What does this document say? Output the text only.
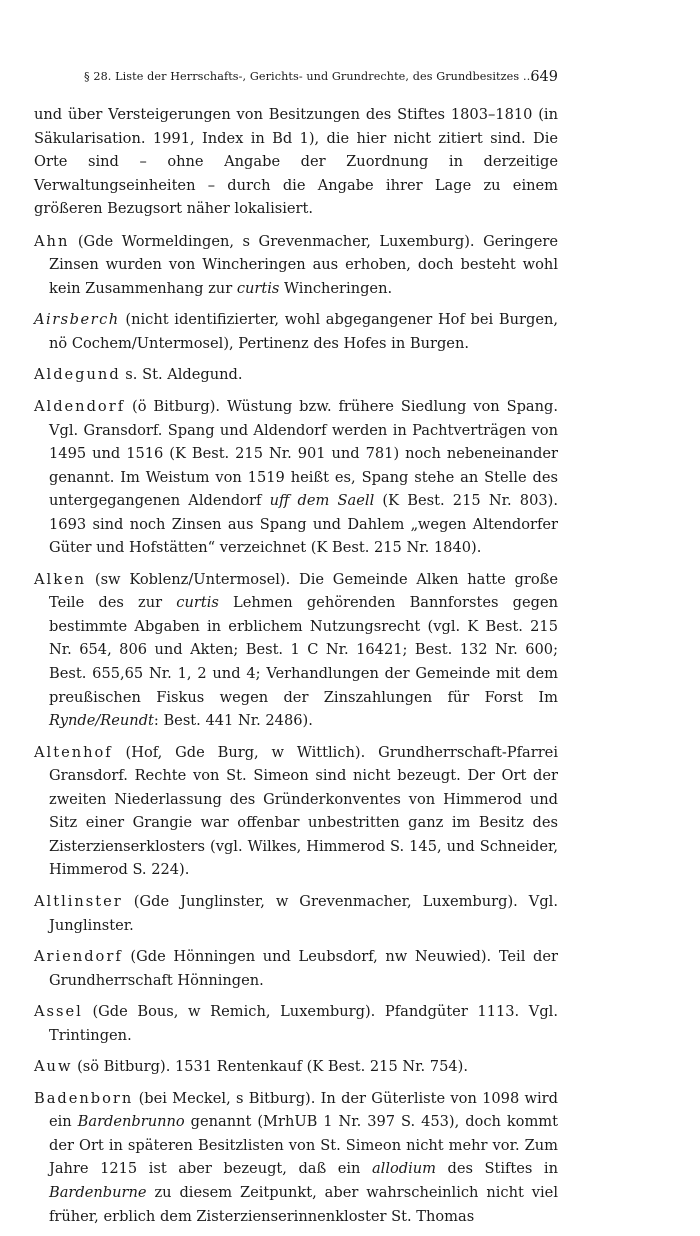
§ 28. Liste der Herrschafts-, Gerichts- und Grundrechte, des Grundbesitzes …
649

und über Versteigerungen von Besitzungen des Stiftes 1803–1810 (in Säkularisation. 1991, Index in Bd 1), die hier nicht zitiert sind. Die Orte sind – ohne Angabe der Zuordnung in derzeitige Verwaltungseinheiten – durch die Angabe ihrer Lage zu einem größeren Bezugsort näher lokalisiert.

Ahn (Gde Wormeldingen, s Grevenmacher, Luxemburg). Geringere Zinsen wurden von Wincheringen aus erhoben, doch besteht wohl kein Zusammenhang zur curtis Wincheringen.

Airsberch (nicht identifizierter, wohl abgegangener Hof bei Burgen, nö Cochem/Untermosel), Pertinenz des Hofes in Burgen.

Aldegund s. St. Aldegund.

Aldendorf (ö Bitburg). Wüstung bzw. frühere Siedlung von Spang. Vgl. Gransdorf. Spang und Aldendorf werden in Pachtverträgen von 1495 und 1516 (K Best. 215 Nr. 901 und 781) noch nebeneinander genannt. Im Weistum von 1519 heißt es, Spang stehe an Stelle des untergegangenen Aldendorf uff dem Saell (K Best. 215 Nr. 803). 1693 sind noch Zinsen aus Spang und Dahlem „wegen Altendorfer Güter und Hofstätten“ verzeichnet (K Best. 215 Nr. 1840).

Alken (sw Koblenz/Untermosel). Die Gemeinde Alken hatte große Teile des zur curtis Lehmen gehörenden Bannforstes gegen bestimmte Abgaben in erblichem Nutzungsrecht (vgl. K Best. 215 Nr. 654, 806 und Akten; Best. 1 C Nr. 16421; Best. 132 Nr. 600; Best. 655,65 Nr. 1, 2 und 4; Verhandlungen der Gemeinde mit dem preußischen Fiskus wegen der Zinszahlungen für Forst Im Rynde/Reundt: Best. 441 Nr. 2486).

Altenhof (Hof, Gde Burg, w Wittlich). Grundherrschaft-Pfarrei Gransdorf. Rechte von St. Simeon sind nicht bezeugt. Der Ort der zweiten Niederlassung des Gründerkonventes von Himmerod und Sitz einer Grangie war offenbar unbestritten ganz im Besitz des Zisterzienserklosters (vgl. Wilkes, Himmerod S. 145, und Schneider, Himmerod S. 224).

Altlinster (Gde Junglinster, w Grevenmacher, Luxemburg). Vgl. Junglinster.

Ariendorf (Gde Hönningen und Leubsdorf, nw Neuwied). Teil der Grundherrschaft Hönningen.

Assel (Gde Bous, w Remich, Luxemburg). Pfandgüter 1113. Vgl. Trintingen.

Auw (sö Bitburg). 1531 Rentenkauf (K Best. 215 Nr. 754).

Badenborn (bei Meckel, s Bitburg). In der Güterliste von 1098 wird ein Bardenbrunno genannt (MrhUB 1 Nr. 397 S. 453), doch kommt der Ort in späteren Besitzlisten von St. Simeon nicht mehr vor. Zum Jahre 1215 ist aber bezeugt, daß ein allodium des Stiftes in Bardenburne zu diesem Zeitpunkt, aber wahrscheinlich nicht viel früher, erblich dem Zisterzienserinnenkloster St. Thomas
